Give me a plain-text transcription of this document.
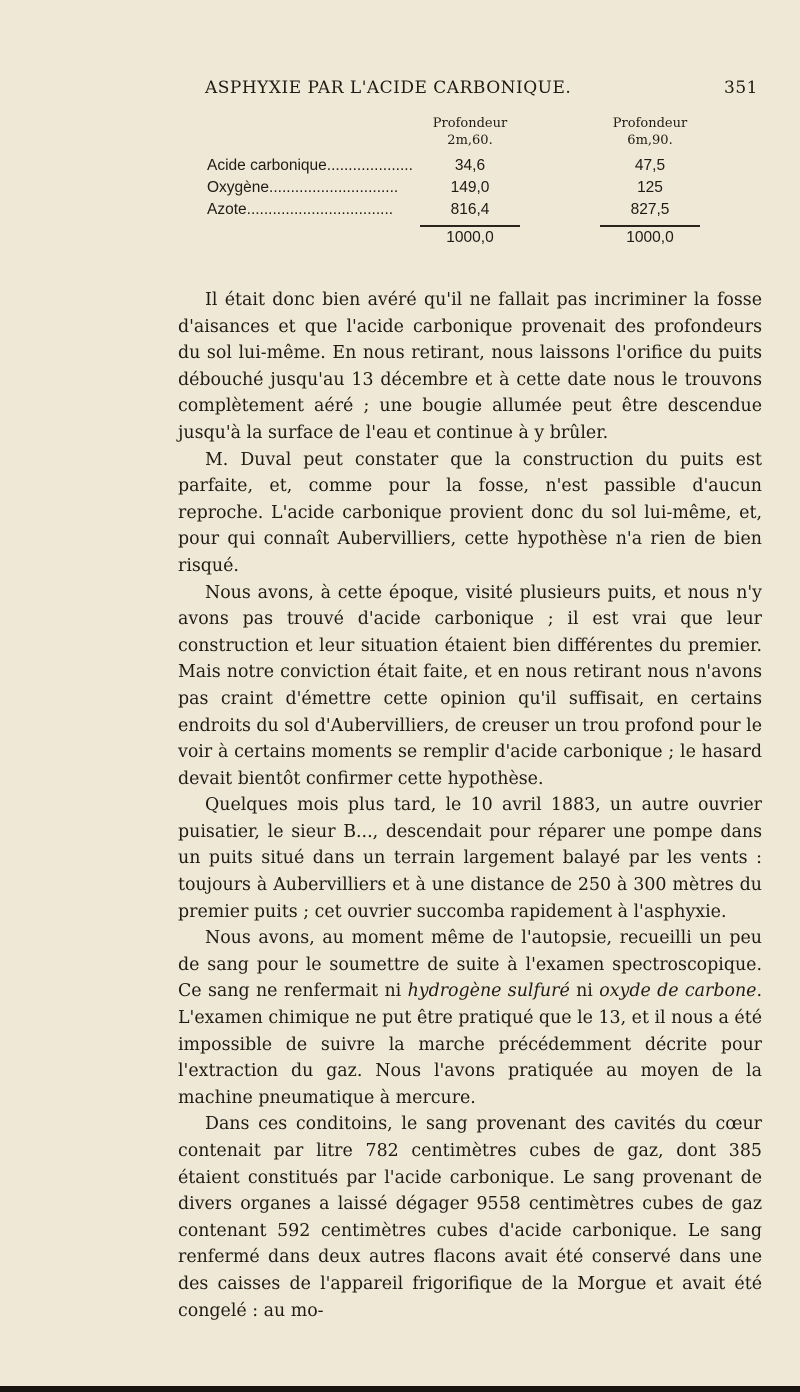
ASPHYXIE PAR L'ACIDE CARBONIQUE.	351
Profondeur
2m,60.
Profondeur
6m,90.
Acide carbonique....................	34,6	47,5
Oxygène..............................	149,0	125
Azote..................................	816,4	827,5
1000,0	1000,0

Il était donc bien avéré qu'il ne fallait pas incriminer la fosse d'aisances et que l'acide carbonique provenait des profondeurs du sol lui-même. En nous retirant, nous laissons l'orifice du puits débouché jusqu'au 13 décembre et à cette date nous le trouvons complètement aéré ; une bougie allumée peut être descendue jusqu'à la surface de l'eau et continue à y brûler.

M. Duval peut constater que la construction du puits est parfaite, et, comme pour la fosse, n'est passible d'aucun reproche. L'acide carbonique provient donc du sol lui-même, et, pour qui connaît Aubervilliers, cette hypothèse n'a rien de bien risqué.

Nous avons, à cette époque, visité plusieurs puits, et nous n'y avons pas trouvé d'acide carbonique ; il est vrai que leur construction et leur situation étaient bien différentes du premier. Mais notre conviction était faite, et en nous retirant nous n'avons pas craint d'émettre cette opinion qu'il suffisait, en certains endroits du sol d'Aubervilliers, de creuser un trou profond pour le voir à certains moments se remplir d'acide carbonique ; le hasard devait bientôt confirmer cette hypothèse.

Quelques mois plus tard, le 10 avril 1883, un autre ouvrier puisatier, le sieur B..., descendait pour réparer une pompe dans un puits situé dans un terrain largement balayé par les vents : toujours à Aubervilliers et à une distance de 250 à 300 mètres du premier puits ; cet ouvrier succomba rapidement à l'asphyxie.

Nous avons, au moment même de l'autopsie, recueilli un peu de sang pour le soumettre de suite à l'examen spectroscopique. Ce sang ne renfermait ni hydrogène sulfuré ni oxyde de carbone. L'examen chimique ne put être pratiqué que le 13, et il nous a été impossible de suivre la marche précédemment décrite pour l'extraction du gaz. Nous l'avons pratiquée au moyen de la machine pneumatique à mercure.

Dans ces conditoins, le sang provenant des cavités du cœur contenait par litre 782 centimètres cubes de gaz, dont 385 étaient constitués par l'acide carbonique. Le sang provenant de divers organes a laissé dégager 9558 centimètres cubes de gaz contenant 592 centimètres cubes d'acide carbonique. Le sang renfermé dans deux autres flacons avait été conservé dans une des caisses de l'appareil frigorifique de la Morgue et avait été congelé : au mo-
